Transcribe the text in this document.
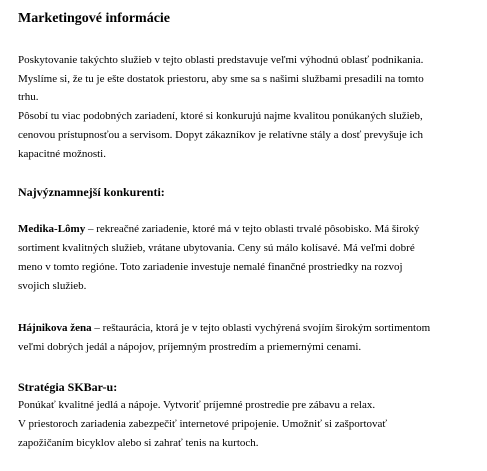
Marketingové informácie
Poskytovanie takýchto služieb v tejto oblasti predstavuje veľmi výhodnú oblasť podnikania.
Myslíme si, že tu je ešte dostatok priestoru, aby sme sa s našimi službami presadili na tomto
trhu.
Pôsobí tu viac podobných zariadení, ktoré si konkurujú najme kvalitou ponúkaných služieb,
cenovou prístupnosťou a servisom. Dopyt zákazníkov je relatívne stály a dosť prevyšuje ich
kapacitné možnosti.
Najvýznamnejší konkurenti:
Medika-Lômy – rekreačné zariadenie, ktoré má v tejto oblasti trvalé pôsobisko. Má široký
sortiment kvalitných služieb, vrátane ubytovania. Ceny sú málo kolísavé. Má veľmi dobré
meno v tomto regióne. Toto zariadenie investuje nemalé finančné prostriedky na rozvoj
svojich služieb.
Hájnikova žena – reštaurácia, ktorá je v tejto oblasti vychýrená svojím širokým sortimentom
veľmi dobrých jedál a nápojov, príjemným prostredím a priemernými cenami.
Stratégia SKBar-u:
Ponúkať kvalitné jedlá a nápoje. Vytvoriť príjemné prostredie pre zábavu a relax.
V priestoroch zariadenia zabezpečiť internetové pripojenie. Umožniť si zašportovať
zapožičaním bicyklov alebo si zahrať tenis na kurtoch.
